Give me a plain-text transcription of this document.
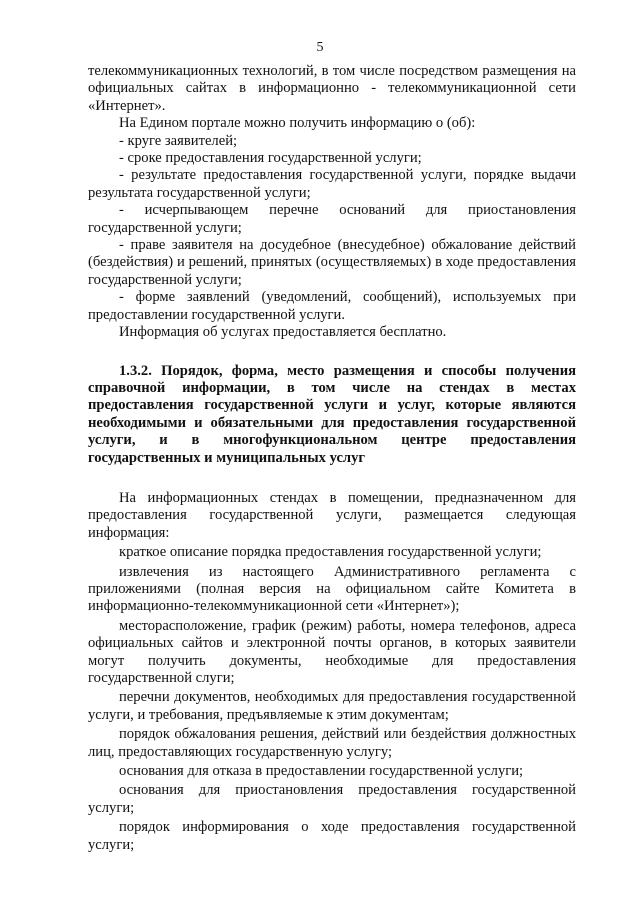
5

телекоммуникационных технологий, в том числе посредством размещения на официальных сайтах в информационно - телекоммуникационной сети «Интернет».

На Едином портале можно получить информацию о (об):

- круге заявителей;

- сроке предоставления государственной услуги;

- результате предоставления государственной услуги, порядке выдачи результата государственной услуги;

- исчерпывающем перечне оснований для приостановления государственной услуги;

- праве заявителя на досудебное (внесудебное) обжалование действий (бездействия) и решений, принятых (осуществляемых) в ходе предоставления государственной услуги;

- форме заявлений (уведомлений, сообщений), используемых при предоставлении государственной услуги.

Информация об услугах предоставляется бесплатно.

1.3.2. Порядок, форма, место размещения и способы получения справочной информации, в том числе на стендах в местах предоставления государственной услуги и услуг, которые являются необходимыми и обязательными для предоставления государственной услуги, и в многофункциональном центре предоставления государственных и муниципальных услуг

На информационных стендах в помещении, предназначенном для предоставления государственной услуги, размещается следующая информация:

краткое описание порядка предоставления государственной услуги;

извлечения из настоящего Административного регламента с приложениями (полная версия на официальном сайте Комитета в информационно-телекоммуникационной сети «Интернет»);

месторасположение, график (режим) работы, номера телефонов, адреса официальных сайтов и электронной почты органов, в которых заявители могут получить документы, необходимые для предоставления государственной слуги;

перечни документов, необходимых для предоставления государственной услуги, и требования, предъявляемые к этим документам;

порядок обжалования решения, действий или бездействия должностных лиц, предоставляющих государственную услугу;

основания для отказа в предоставлении государственной услуги;

основания для приостановления предоставления государственной услуги;

порядок информирования о ходе предоставления государственной услуги;
